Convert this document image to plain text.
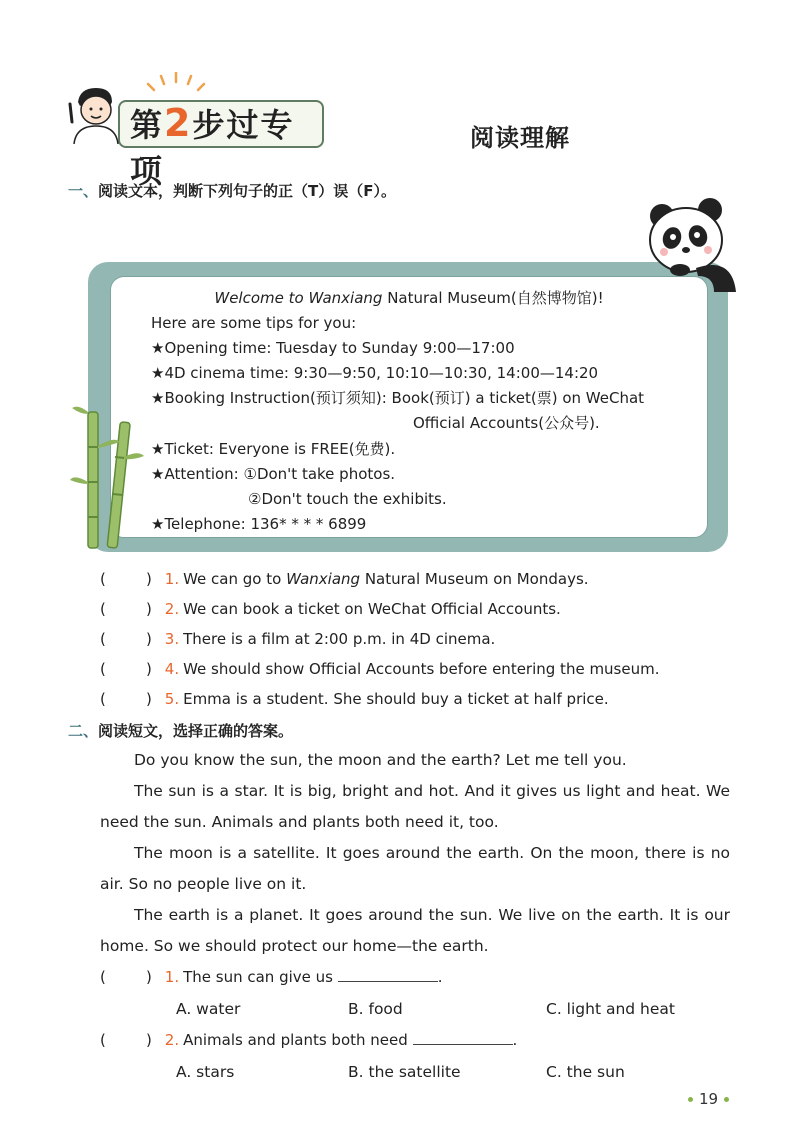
第2步过专项
阅读理解
一、阅读文本，判断下列句子的正（T）误（F）。
Welcome to Wanxiang Natural Museum(自然博物馆)!
Here are some tips for you:
★Opening time: Tuesday to Sunday 9:00—17:00
★4D cinema time: 9:30—9:50, 10:10—10:30, 14:00—14:20
★Booking Instruction(预订须知): Book(预订) a ticket(票) on WeChat
Official Accounts(公众号).
★Ticket: Everyone is FREE(免费).
★Attention: ①Don't take photos.
②Don't touch the exhibits.
★Telephone: 136* * * * 6899
(	) 1. We can go to Wanxiang Natural Museum on Mondays.
(	) 2. We can book a ticket on WeChat Official Accounts.
(	) 3. There is a film at 2:00 p.m. in 4D cinema.
(	) 4. We should show Official Accounts before entering the museum.
(	) 5. Emma is a student. She should buy a ticket at half price.
二、阅读短文，选择正确的答案。

Do you know the sun, the moon and the earth? Let me tell you.

The sun is a star. It is big, bright and hot. And it gives us light and heat. We need the sun. Animals and plants both need it, too.

The moon is a satellite. It goes around the earth. On the moon, there is no air. So no people live on it.

The earth is a planet. It goes around the sun. We live on the earth. It is our home. So we should protect our home—the earth.

(	) 1. The sun can give us	.
A. water	B. food	C. light and heat
(	) 2. Animals and plants both need	.
A. stars	B. the satellite	C. the sun
19
